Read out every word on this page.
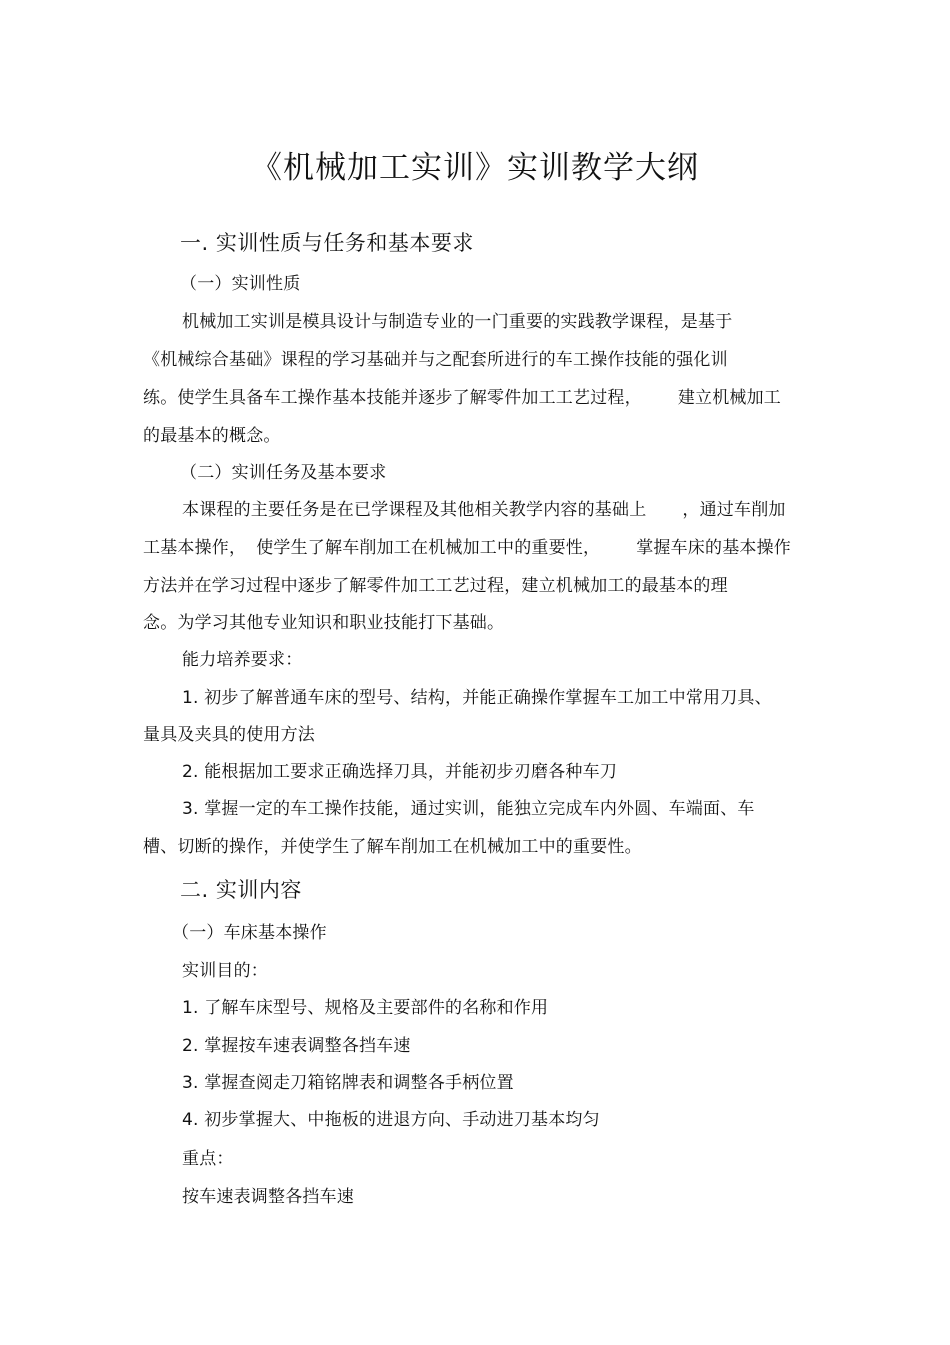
《机械加工实训》实训教学大纲
一. 实训性质与任务和基本要求
（一）实训性质
机械加工实训是模具设计与制造专业的一门重要的实践教学课程，是基于
《机械综合基础》课程的学习基础并与之配套所进行的车工操作技能的强化训
练。使学生具备车工操作基本技能并逐步了解零件加工工艺过程， 建立机械加工
的最基本的概念。
（二）实训任务及基本要求
本课程的主要任务是在已学课程及其他相关教学内容的基础上 ，通过车削加
工基本操作， 使学生了解车削加工在机械加工中的重要性， 掌握车床的基本操作
方法并在学习过程中逐步了解零件加工工艺过程，建立机械加工的最基本的理
念。为学习其他专业知识和职业技能打下基础。
能力培养要求：
1. 初步了解普通车床的型号、结构，并能正确操作掌握车工加工中常用刀具、
量具及夹具的使用方法
2. 能根据加工要求正确选择刀具，并能初步刃磨各种车刀
3. 掌握一定的车工操作技能，通过实训，能独立完成车内外圆、车端面、车
槽、切断的操作，并使学生了解车削加工在机械加工中的重要性。
二. 实训内容
（一）车床基本操作
实训目的：
1. 了解车床型号、规格及主要部件的名称和作用
2. 掌握按车速表调整各挡车速
3. 掌握查阅走刀箱铭牌表和调整各手柄位置
4. 初步掌握大、中拖板的进退方向、手动进刀基本均匀
重点：
按车速表调整各挡车速
